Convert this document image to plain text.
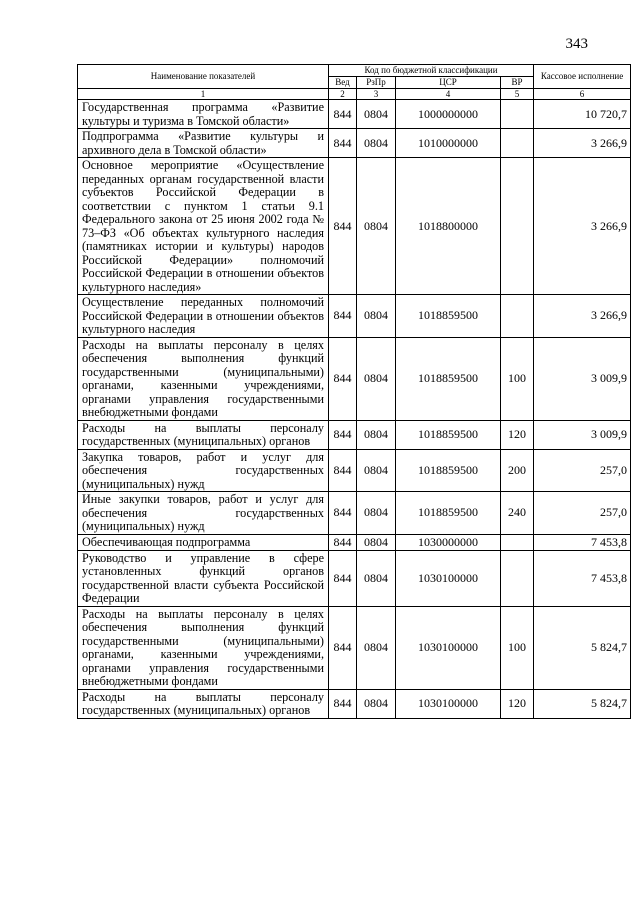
343
Наименование показателей	Код по бюджетной классификации				Кассовое исполнение
	Вед	РзПр	ЦСР	ВР	
1	2	3	4	5	6
Государственная программа «Развитие культуры и туризма в Томской области»	844	0804	1000000000		10 720,7
Подпрограмма «Развитие культуры и архивного дела в Томской области»	844	0804	1010000000		3 266,9
Основное мероприятие «Осуществление переданных органам государственной власти субъектов Российской Федерации в соответствии с пунктом 1 статьи 9.1 Федерального закона от 25 июня 2002 года № 73–ФЗ «Об объектах культурного наследия (памятниках истории и культуры) народов Российской Федерации» полномочий Российской Федерации в отношении объектов культурного наследия»	844	0804	1018800000		3 266,9
Осуществление переданных полномочий Российской Федерации в отношении объектов культурного наследия	844	0804	1018859500		3 266,9
Расходы на выплаты персоналу в целях обеспечения выполнения функций государственными (муниципальными) органами, казенными учреждениями, органами управления государственными внебюджетными фондами	844	0804	1018859500	100	3 009,9
Расходы на выплаты персоналу государственных (муниципальных) органов	844	0804	1018859500	120	3 009,9
Закупка товаров, работ и услуг для обеспечения государственных (муниципальных) нужд	844	0804	1018859500	200	257,0
Иные закупки товаров, работ и услуг для обеспечения государственных (муниципальных) нужд	844	0804	1018859500	240	257,0
Обеспечивающая подпрограмма	844	0804	1030000000		7 453,8
Руководство и управление в сфере установленных функций органов государственной власти субъекта Российской Федерации	844	0804	1030100000		7 453,8
Расходы на выплаты персоналу в целях обеспечения выполнения функций государственными (муниципальными) органами, казенными учреждениями, органами управления государственными внебюджетными фондами	844	0804	1030100000	100	5 824,7
Расходы на выплаты персоналу государственных (муниципальных) органов	844	0804	1030100000	120	5 824,7
